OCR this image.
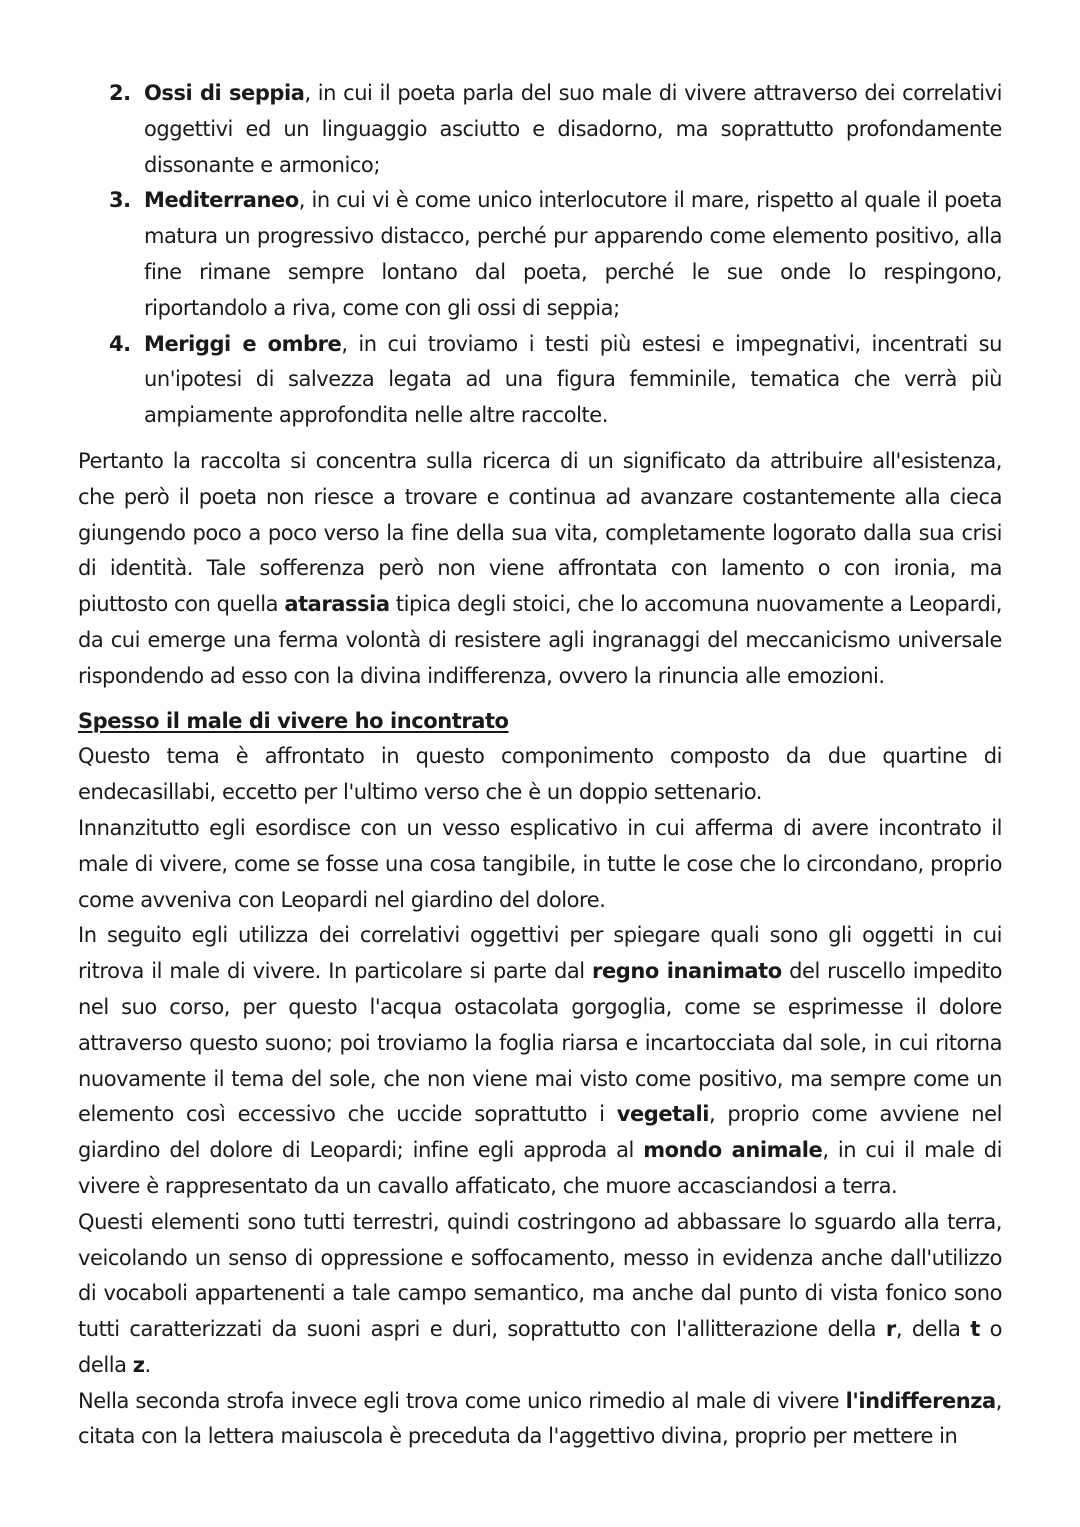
2. Ossi di seppia, in cui il poeta parla del suo male di vivere attraverso dei correlativi oggettivi ed un linguaggio asciutto e disadorno, ma soprattutto profondamente dissonante e armonico;
3. Mediterraneo, in cui vi è come unico interlocutore il mare, rispetto al quale il poeta matura un progressivo distacco, perché pur apparendo come elemento positivo, alla fine rimane sempre lontano dal poeta, perché le sue onde lo respingono, riportandolo a riva, come con gli ossi di seppia;
4. Meriggi e ombre, in cui troviamo i testi più estesi e impegnativi, incentrati su un'ipotesi di salvezza legata ad una figura femminile, tematica che verrà più ampiamente approfondita nelle altre raccolte.

Pertanto la raccolta si concentra sulla ricerca di un significato da attribuire all'esistenza, che però il poeta non riesce a trovare e continua ad avanzare costantemente alla cieca giungendo poco a poco verso la fine della sua vita, completamente logorato dalla sua crisi di identità. Tale sofferenza però non viene affrontata con lamento o con ironia, ma piuttosto con quella atarassia tipica degli stoici, che lo accomuna nuovamente a Leopardi, da cui emerge una ferma volontà di resistere agli ingranaggi del meccanicismo universale rispondendo ad esso con la divina indifferenza, ovvero la rinuncia alle emozioni.

Spesso il male di vivere ho incontrato

Questo tema è affrontato in questo componimento composto da due quartine di endecasillabi, eccetto per l'ultimo verso che è un doppio settenario.

Innanzitutto egli esordisce con un vesso esplicativo in cui afferma di avere incontrato il male di vivere, come se fosse una cosa tangibile, in tutte le cose che lo circondano, proprio come avveniva con Leopardi nel giardino del dolore.

In seguito egli utilizza dei correlativi oggettivi per spiegare quali sono gli oggetti in cui ritrova il male di vivere. In particolare si parte dal regno inanimato del ruscello impedito nel suo corso, per questo l'acqua ostacolata gorgoglia, come se esprimesse il dolore attraverso questo suono; poi troviamo la foglia riarsa e incartocciata dal sole, in cui ritorna nuovamente il tema del sole, che non viene mai visto come positivo, ma sempre come un elemento così eccessivo che uccide soprattutto i vegetali, proprio come avviene nel giardino del dolore di Leopardi; infine egli approda al mondo animale, in cui il male di vivere è rappresentato da un cavallo affaticato, che muore accasciandosi a terra.

Questi elementi sono tutti terrestri, quindi costringono ad abbassare lo sguardo alla terra, veicolando un senso di oppressione e soffocamento, messo in evidenza anche dall'utilizzo di vocaboli appartenenti a tale campo semantico, ma anche dal punto di vista fonico sono tutti caratterizzati da suoni aspri e duri, soprattutto con l'allitterazione della r, della t o della z.

Nella seconda strofa invece egli trova come unico rimedio al male di vivere l'indifferenza, citata con la lettera maiuscola è preceduta da l'aggettivo divina, proprio per mettere in
